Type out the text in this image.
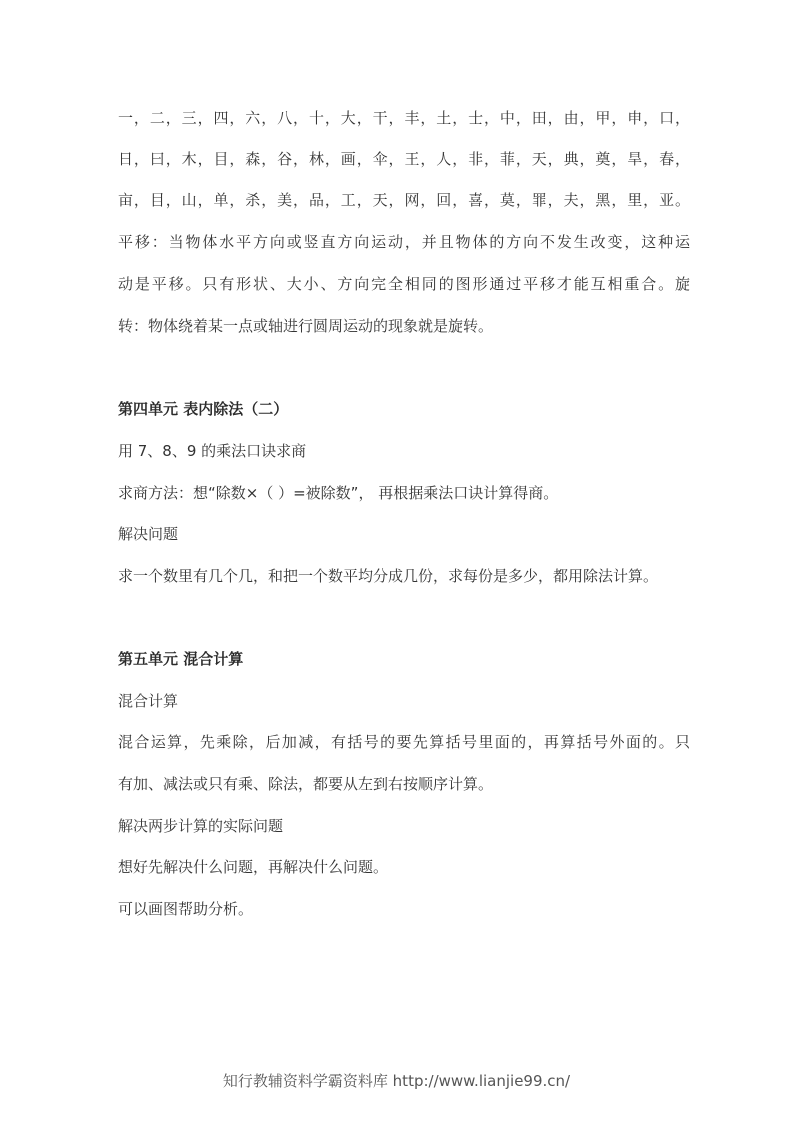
一，二，三，四，六，八，十，大，干，丰，土，士，中，田，由，甲，申，口，
日，曰，木，目，森，谷，林，画，伞，王，人，非，菲，天，典，奠，旱，春，
亩，目，山，单，杀，美，品，工，天，网，回，喜，莫，罪，夫，黑，里，亚。
平移：当物体水平方向或竖直方向运动，并且物体的方向不发生改变，这种运
动是平移。只有形状、大小、方向完全相同的图形通过平移才能互相重合。旋
转：物体绕着某一点或轴进行圆周运动的现象就是旋转。
第四单元 表内除法（二）
用 7、8、9 的乘法口诀求商
求商方法：想“除数×（ ）=被除数”， 再根据乘法口诀计算得商。
解决问题
求一个数里有几个几，和把一个数平均分成几份，求每份是多少，都用除法计算。
第五单元 混合计算
混合计算
混合运算，先乘除，后加减，有括号的要先算括号里面的，再算括号外面的。只
有加、减法或只有乘、除法，都要从左到右按顺序计算。
解决两步计算的实际问题
想好先解决什么问题，再解决什么问题。
可以画图帮助分析。
知行教辅资料学霸资料库 http://www.lianjie99.cn/
